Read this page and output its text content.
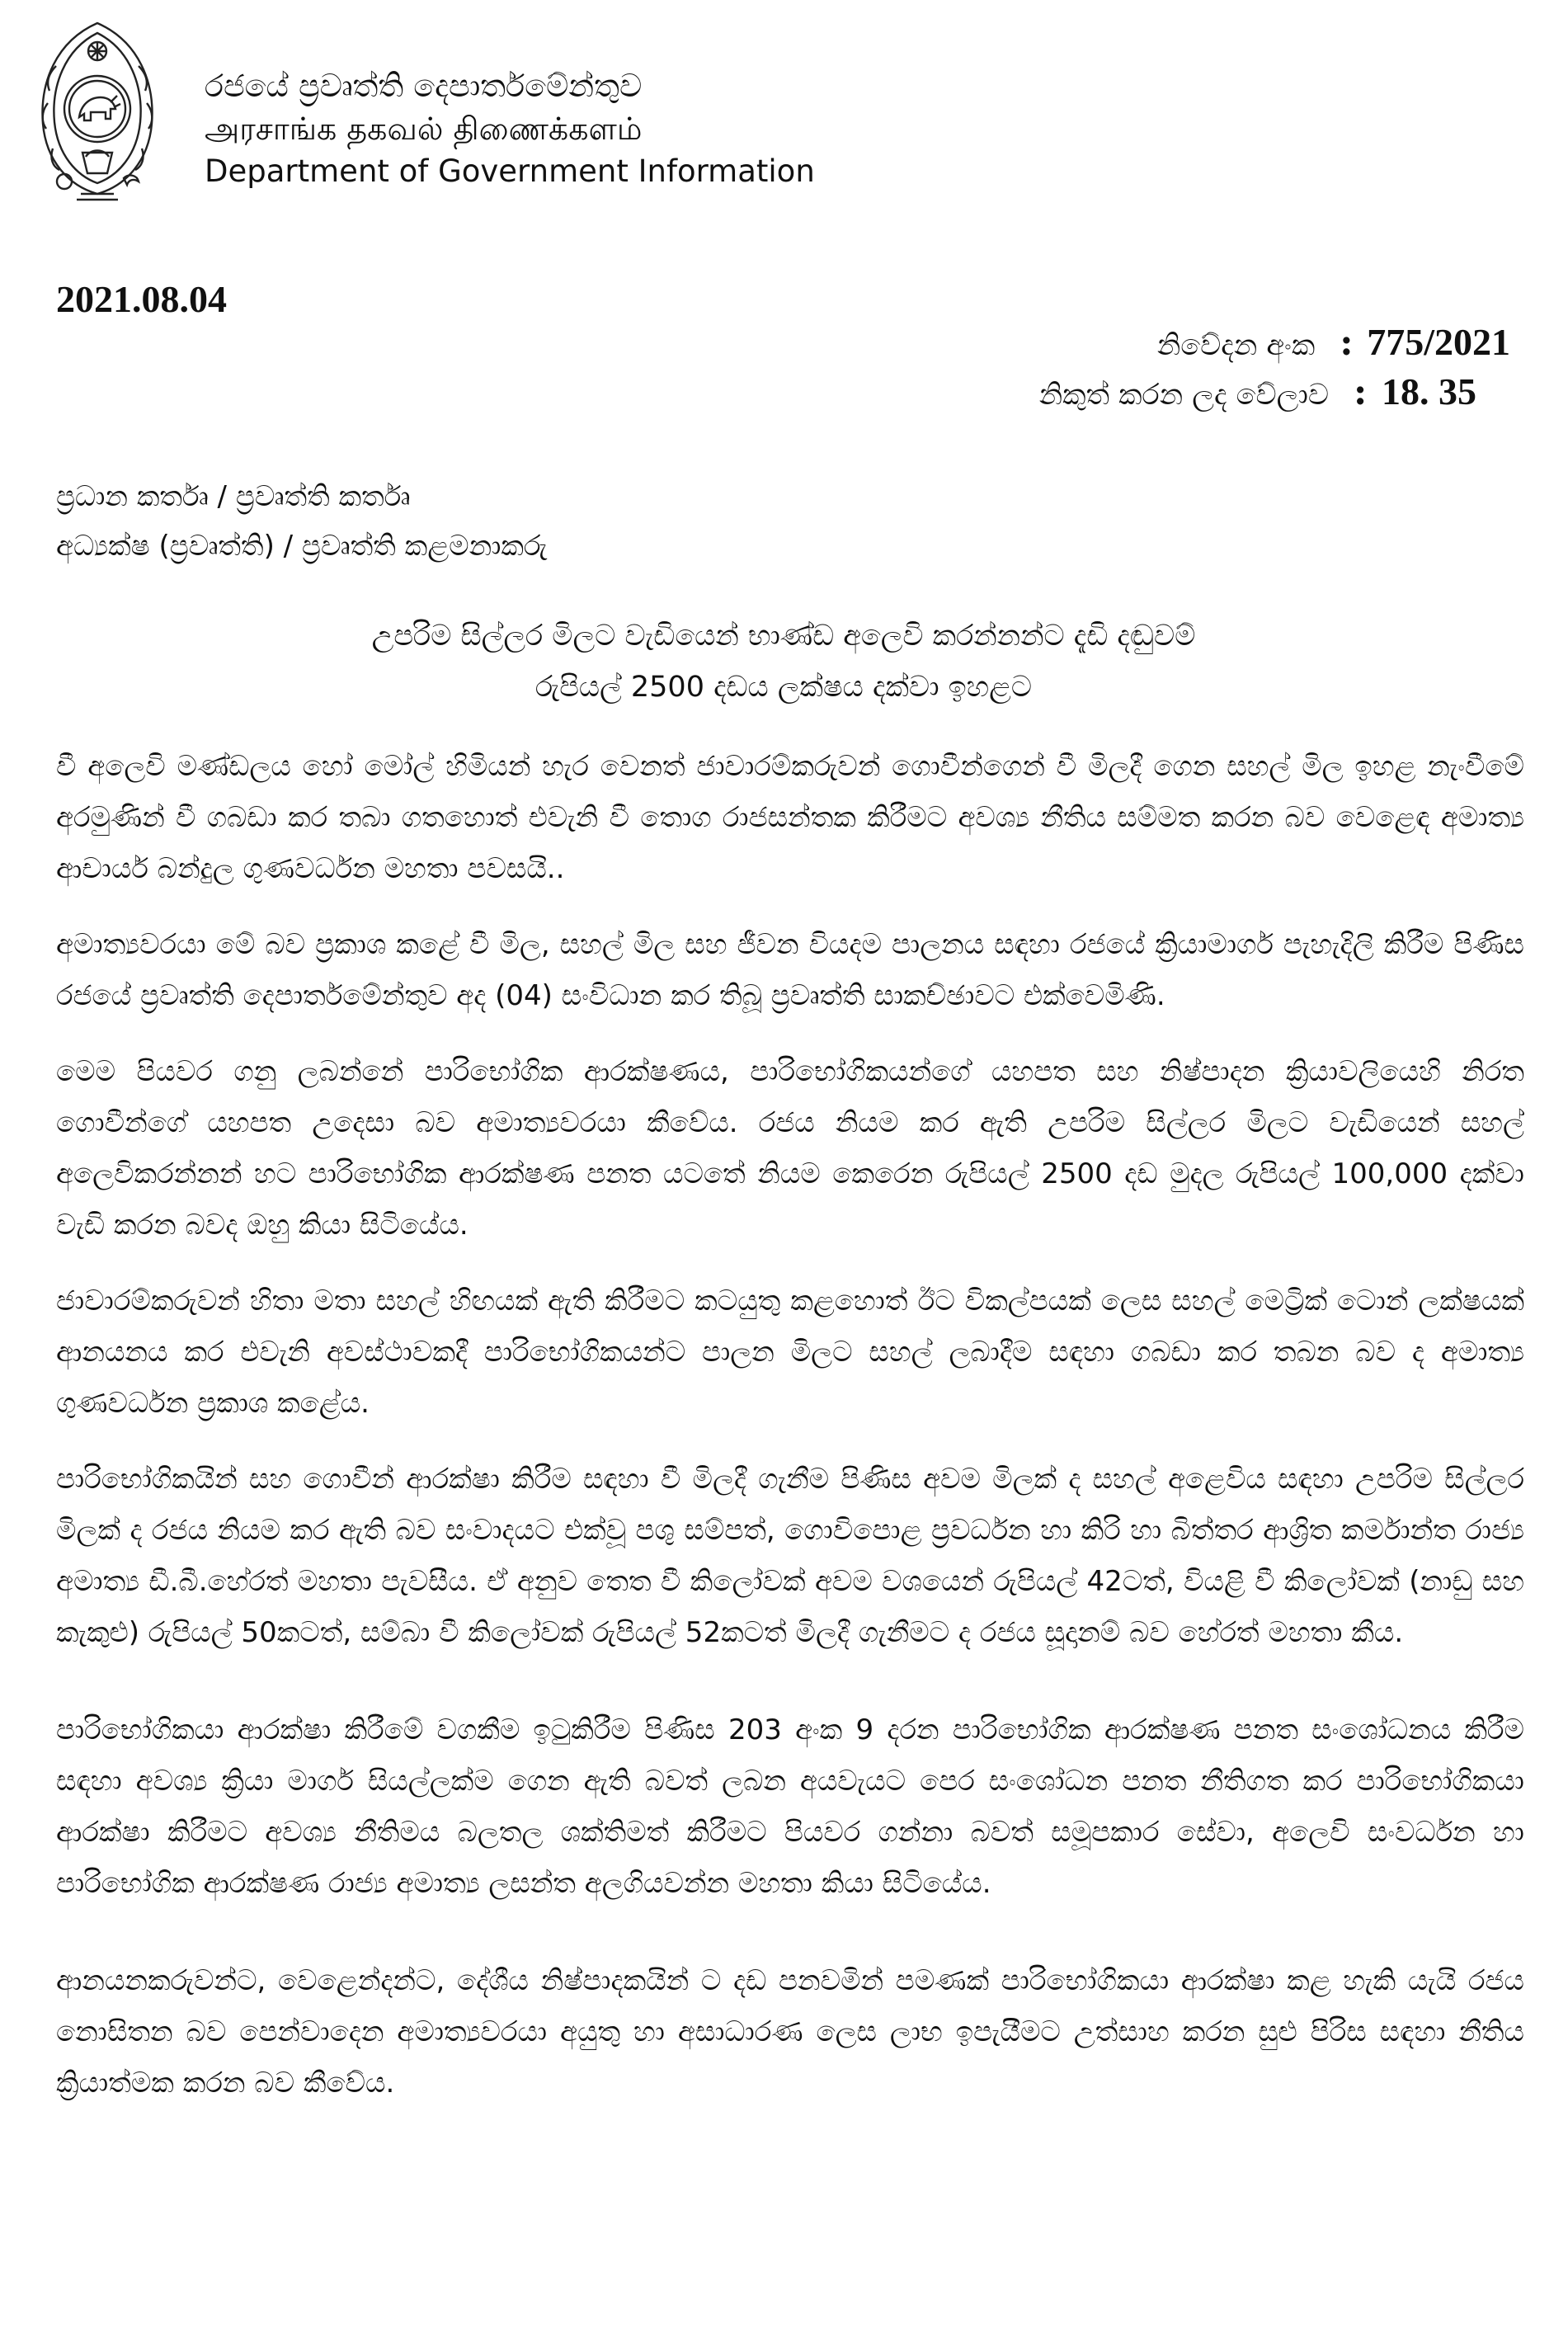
රජයේ ප්‍රවෘත්ති දෙපාර්තමේන්තුව
அரசாங்க தகவல் திணைக்களம்
Department of Government Information
2021.08.04
නිවේදන අංක : 775/2021
නිකුත් කරන ලද වේලාව : 18. 35
ප්‍රධාන කර්තෘ / ප්‍රවෘත්ති කර්තෘ
අධ්‍යක්ෂ (ප්‍රවෘත්ති) / ප්‍රවෘත්ති කළමනාකරු
උපරිම සිල්ලර මිලට වැඩියෙන් භාණ්ඩ අලෙවි කරන්නන්ට දැඩි දඬුවම්
රුපියල් 2500 දඩය ලක්ෂය දක්වා ඉහළට

වී අලෙවි මණ්ඩලය හෝ මෝල් හිමියන් හැර වෙනත් ජාවාරම්කරුවන් ගොවීන්ගෙන් වී මිලදී ගෙන සහල් මිල ඉහළ නැංවීමේ අරමුණින් වී ගබඩා කර තබා ගතහොත් එවැනි වී තොග රාජසන්තක කිරීමට අවශ්‍ය නීතිය සම්මත කරන බව වෙළෙඳ අමාත්‍ය ආචාර්ය බන්දුල ගුණවර්ධන මහතා පවසයි..

අමාත්‍යවරයා මේ බව ප්‍රකාශ කළේ වී මිල, සහල් මිල සහ ජීවන වියදම පාලනය සඳහා රජයේ ක්‍රියාමාර්ග පැහැදිලි කිරීම පිණිස රජයේ ප්‍රවෘත්ති දෙපාර්තමේන්තුව අද (04) සංවිධාන කර තිබූ ප්‍රවෘත්ති සාකච්ඡාවට එක්වෙමිණි.

මෙම පියවර ගනු ලබන්නේ පාරිභෝගික ආරක්ෂණය, පාරිභෝගිකයන්ගේ යහපත සහ නිෂ්පාදන ක්‍රියාවලියෙහි නිරත ගොවීන්ගේ යහපත උදෙසා බව අමාත්‍යවරයා කීවේය. රජය නියම කර ඇති උපරිම සිල්ලර මිලට වැඩියෙන් සහල් අලෙවිකරන්නන් හට පාරිභෝගික ආරක්ෂණ පනත යටතේ නියම කෙරෙන රුපියල් 2500 දඩ මුදල රුපියල් 100,000 දක්වා වැඩි කරන බවද ඔහු කියා සිටියේය.

ජාවාරම්කරුවන් හිතා මතා සහල් හිඟයක් ඇති කිරීමට කටයුතු කළහොත් ඊට විකල්පයක් ලෙස සහල් මෙට්‍රික් ටොන් ලක්ෂයක් ආනයනය කර එවැනි අවස්ථාවකදී පාරිභෝගිකයන්ට පාලන මිලට සහල් ලබාදීම සඳහා ගබඩා කර තබන බව ද අමාත්‍ය ගුණවර්ධන ප්‍රකාශ කළේය.

පාරිභෝගිකයින් සහ ගොවීන් ආරක්ෂා කිරීම සඳහා වී මිලදී ගැනීම පිණිස අවම මිලක් ද සහල් අළෙවිය සඳහා උපරිම සිල්ලර මිලක් ද රජය නියම කර ඇති බව සංවාදයට එක්වූ පශු සම්පත්, ගොවිපොළ ප්‍රවර්ධන හා කිරි හා බිත්තර ආශ්‍රිත කර්මාන්ත රාජ්‍ය අමාත්‍ය ඩී.බී.හේරත් මහතා පැවසීය. ඒ අනුව තෙත වී කිලෝවක් අවම වශයෙන් රුපියල් 42ටත්, වියළි වී කිලෝවක් (නාඩු සහ කැකුළු) රුපියල් 50කටත්, සම්බා වී කිලෝවක් රුපියල් 52කටත් මිලදී ගැනීමට ද රජය සූදානම් බව හේරත් මහතා කීය.

පාරිභෝගිකයා ආරක්ෂා කිරීමේ වගකීම ඉටුකිරීම පිණිස 203 අංක 9 දරන පාරිභෝගික ආරක්ෂණ පනත සංශෝධනය කිරීම සඳහා අවශ්‍ය ක්‍රියා මාර්ග සියල්ලක්ම ගෙන ඇති බවත් ලබන අයවැයට පෙර සංශෝධන පනත නීතිගත කර පාරිභෝගිකයා ආරක්ෂා කිරීමට අවශ්‍ය නීතිමය බලතල ශක්තිමත් කිරීමට පියවර ගන්නා බවත් සමූපකාර සේවා, අලෙවි සංවර්ධන හා පාරිභෝගික ආරක්ෂණ රාජ්‍ය අමාත්‍ය ලසන්ත අලගියවන්න මහතා කියා සිටියේය.

ආනයනකරුවන්ට, වෙළෙන්දන්ට, දේශීය නිෂ්පාදකයින් ට දඩ පනවමින් පමණක් පාරිභෝගිකයා ආරක්ෂා කළ හැකි යැයි රජය නොසිතන බව පෙන්වාදෙන අමාත්‍යවරයා අයුතු හා අසාධාරණ ලෙස ලාභ ඉපැයීමට උත්සාහ කරන සුළු පිරිස සඳහා නීතිය ක්‍රියාත්මක කරන බව කීවේය.
